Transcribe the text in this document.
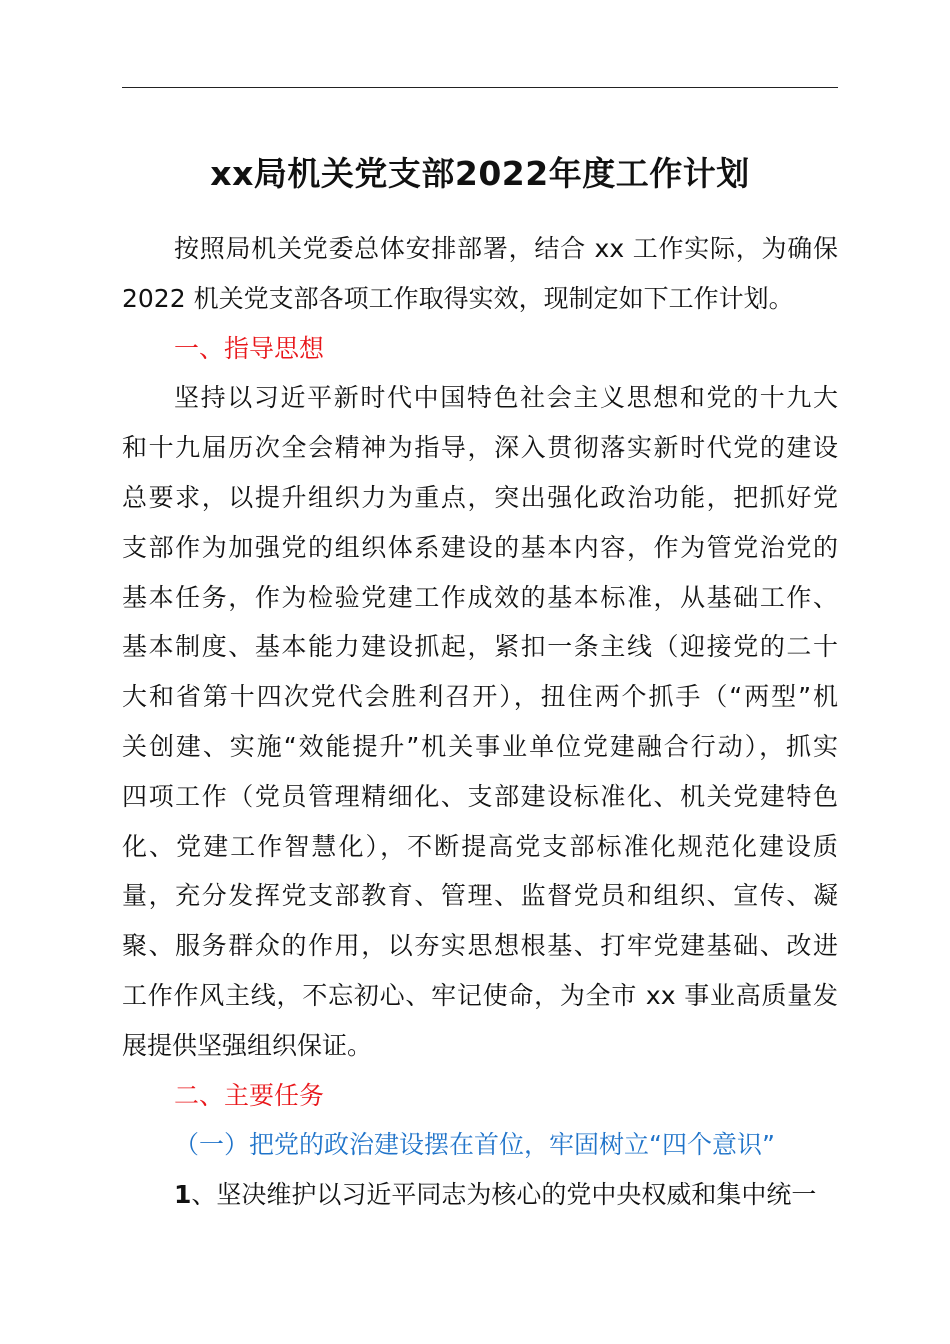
xx局机关党支部2022年度工作计划
按照局机关党委总体安排部署，结合 xx 工作实际，为确保
2022 机关党支部各项工作取得实效，现制定如下工作计划。
一、指导思想
坚持以习近平新时代中国特色社会主义思想和党的十九大
和十九届历次全会精神为指导，深入贯彻落实新时代党的建设
总要求，以提升组织力为重点，突出强化政治功能，把抓好党
支部作为加强党的组织体系建设的基本内容，作为管党治党的
基本任务，作为检验党建工作成效的基本标准，从基础工作、
基本制度、基本能力建设抓起，紧扣一条主线（迎接党的二十
大和省第十四次党代会胜利召开），扭住两个抓手（“两型”机
关创建、实施“效能提升”机关事业单位党建融合行动），抓实
四项工作（党员管理精细化、支部建设标准化、机关党建特色
化、党建工作智慧化），不断提高党支部标准化规范化建设质
量，充分发挥党支部教育、管理、监督党员和组织、宣传、凝
聚、服务群众的作用，以夯实思想根基、打牢党建基础、改进
工作作风主线，不忘初心、牢记使命，为全市 xx 事业高质量发
展提供坚强组织保证。
二、主要任务
（一）把党的政治建设摆在首位，牢固树立“四个意识”
1、坚决维护以习近平同志为核心的党中央权威和集中统一
